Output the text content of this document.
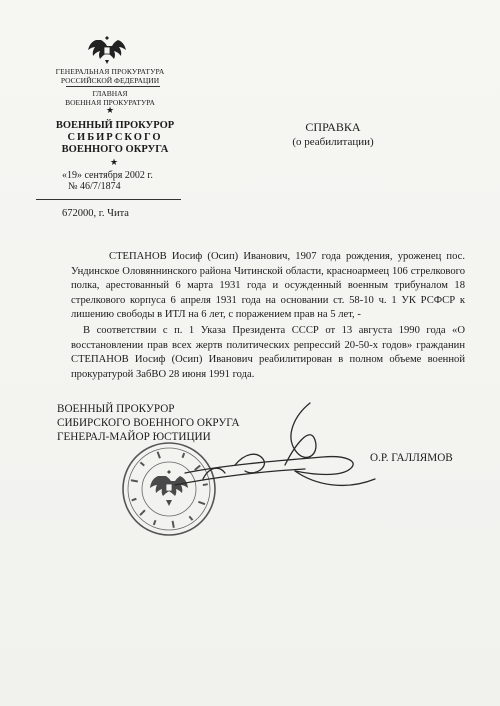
ГЕНЕРАЛЬНАЯ ПРОКУРАТУРА
РОССИЙСКОЙ ФЕДЕРАЦИИ
ГЛАВНАЯ
ВОЕННАЯ ПРОКУРАТУРА
★
ВОЕННЫЙ ПРОКУРОР
СИБИРСКОГО
ВОЕННОГО ОКРУГА
★
«19» сентября 2002 г.
№ 46/7/1874
672000, г. Чита
СПРАВКА
(о реабилитации)

СТЕПАНОВ Иосиф (Осип) Иванович, 1907 года рождения, уроженец пос. Ундинское Оловяннинского района Читинской области, красноармеец 106 стрелкового полка, арестованный 6 марта 1931 года и осужденный военным трибуналом 18 стрелкового корпуса 6 апреля 1931 года на основании ст. 58-10 ч. 1 УК РСФСР к лишению свободы в ИТЛ на 6 лет, с поражением прав на 5 лет, -

В соответствии с п. 1 Указа Президента СССР от 13 августа 1990 года «О восстановлении прав всех жертв политических репрессий 20-50-х годов» гражданин СТЕПАНОВ Иосиф (Осип) Иванович реабилитирован в полном объеме военной прокуратурой ЗабВО 28 июня 1991 года.

ВОЕННЫЙ ПРОКУРОР
СИБИРСКОГО ВОЕННОГО ОКРУГА
ГЕНЕРАЛ-МАЙОР ЮСТИЦИИ
О.Р. ГАЛЛЯМОВ
